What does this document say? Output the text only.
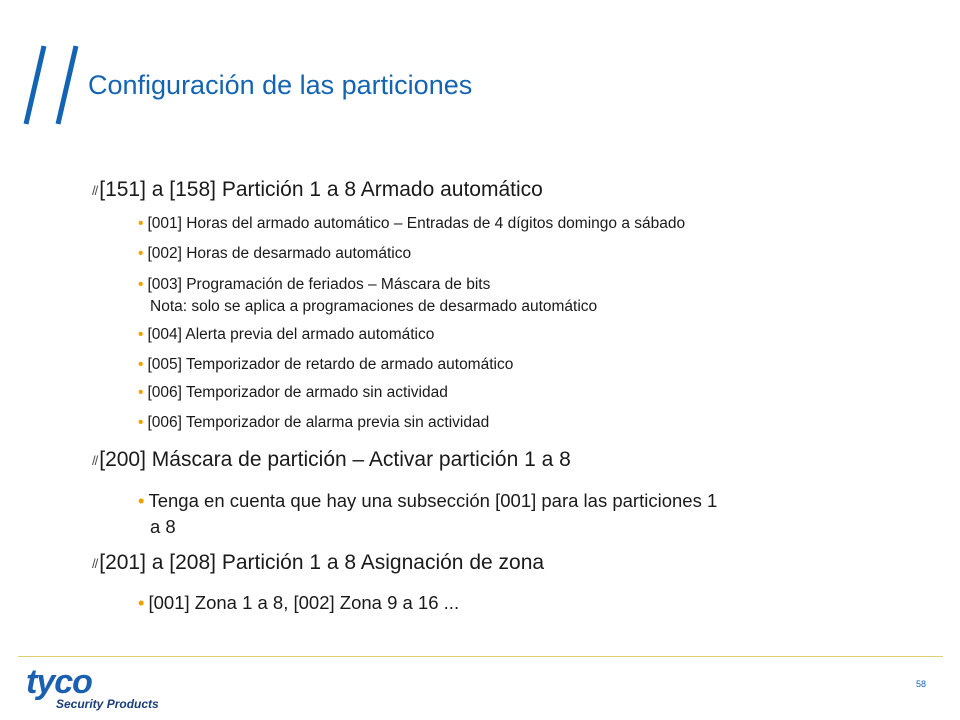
Configuración de las particiones
//[151] a [158] Partición 1 a 8 Armado automático
• [001] Horas del armado automático – Entradas de 4 dígitos domingo a sábado
• [002] Horas de desarmado automático
• [003] Programación de feriados – Máscara de bits
Nota: solo se aplica a programaciones de desarmado automático
• [004] Alerta previa del armado automático
• [005] Temporizador de retardo de armado automático
• [006] Temporizador de armado sin actividad
• [006] Temporizador de alarma previa sin actividad
//[200] Máscara de partición – Activar partición 1 a 8
• Tenga en cuenta que hay una subsección [001] para las particiones 1
a 8
//[201] a [208] Partición 1 a 8 Asignación de zona
• [001] Zona 1 a 8, [002] Zona 9 a 16 ...
tyco
Security Products
58
